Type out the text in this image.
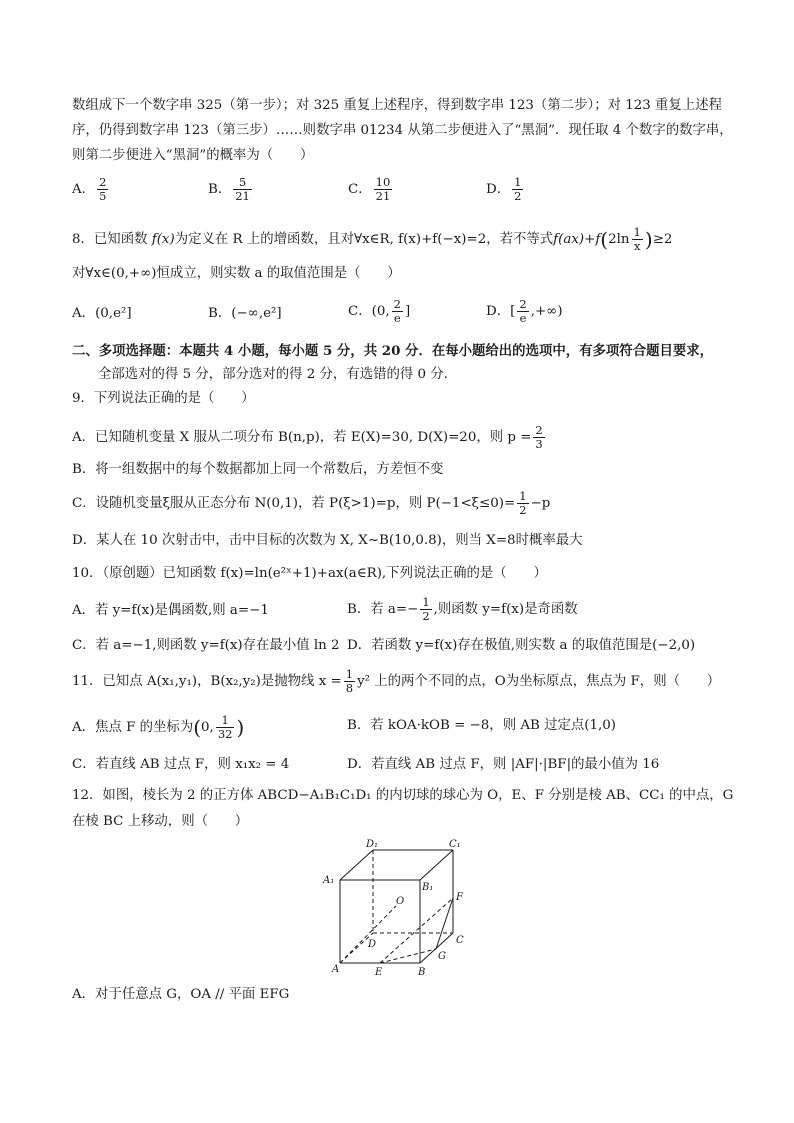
数组成下一个数字串 325（第一步）；对 325 重复上述程序，得到数字串 123（第二步）；对 123 重复上述程
序，仍得到数字串 123（第三步）……则数字串 01234 从第二步便进入了“黑洞”．现任取 4 个数字的数字串，
则第二步便进入“黑洞”的概率为（　　）
A． $\frac{2}{5}$	B． $\frac{5}{21}$	C． $\frac{10}{21}$	D． $\frac{1}{2}$
8．已知函数 f(x)为定义在 R 上的增函数，且对∀x∈R, f(x)+f(−x)=2，若不等式$f(ax)+f(2\ln \frac{1}{x} )\ge 2$
对∀x∈(0,+∞)恒成立，则实数 a 的取值范围是（　　）
A．(0,e²]	B．(−∞,e²]	C．(0, $\frac{2}{e}$ ]	D．[ $\frac{2}{e}$ ,+∞)
二、多项选择题：本题共 4 小题，每小题 5 分，共 20 分．在每小题给出的选项中，有多项符合题目要求，
全部选对的得 5 分，部分选对的得 2 分，有选错的得 0 分．
9．下列说法正确的是（　　）
A．已知随机变量 X 服从二项分布 B(n,p)，若 E(X)=30, D(X)=20，则 $p = \frac{2}{3}$
B．将一组数据中的每个数据都加上同一个常数后，方差恒不变
C．设随机变量ξ服从正态分布 N(0,1)，若 P(ξ>1)=p，则 $P(-1<\xi\le 0)= \frac{1}{2} -p$
D．某人在 10 次射击中，击中目标的次数为 X, X~B(10,0.8)，则当 X=8时概率最大
10．（原创题）已知函数 f(x)=ln(e²ˣ+1)+ax(a∈R),下列说法正确的是（　　）
A．若 y=f(x)是偶函数,则 a=−1	B．若 $a=- \frac{1}{2}$ ,则函数 y=f(x)是奇函数
C．若 a=−1,则函数 y=f(x)存在最小值 ln 2 D．若函数 y=f(x)存在极值,则实数 a 的取值范围是(−2,0)
11．已知点 A(x₁,y₁)，B(x₂,y₂)是抛物线 $x = \frac{1}{8} y^2$ 上的两个不同的点，O为坐标原点，焦点为 F，则（　　）
A．焦点 F 的坐标为(0, $\frac{1}{32}$ )	B．若 kOA·kOB = −8，则 AB 过定点(1,0)
C．若直线 AB 过点 F，则 x₁x₂ = 4	D．若直线 AB 过点 F，则 |AF|·|BF|的最小值为 16
12．如图，棱长为 2 的正方体 ABCD−A₁B₁C₁D₁ 的内切球的球心为 O，E、F 分别是棱 AB、CC₁ 的中点，G
在棱 BC 上移动，则（　　）
D₁	C₁
A₁
B₁
O	F
D	C
A	E	B
G
A．对于任意点 G，OA // 平面 EFG
